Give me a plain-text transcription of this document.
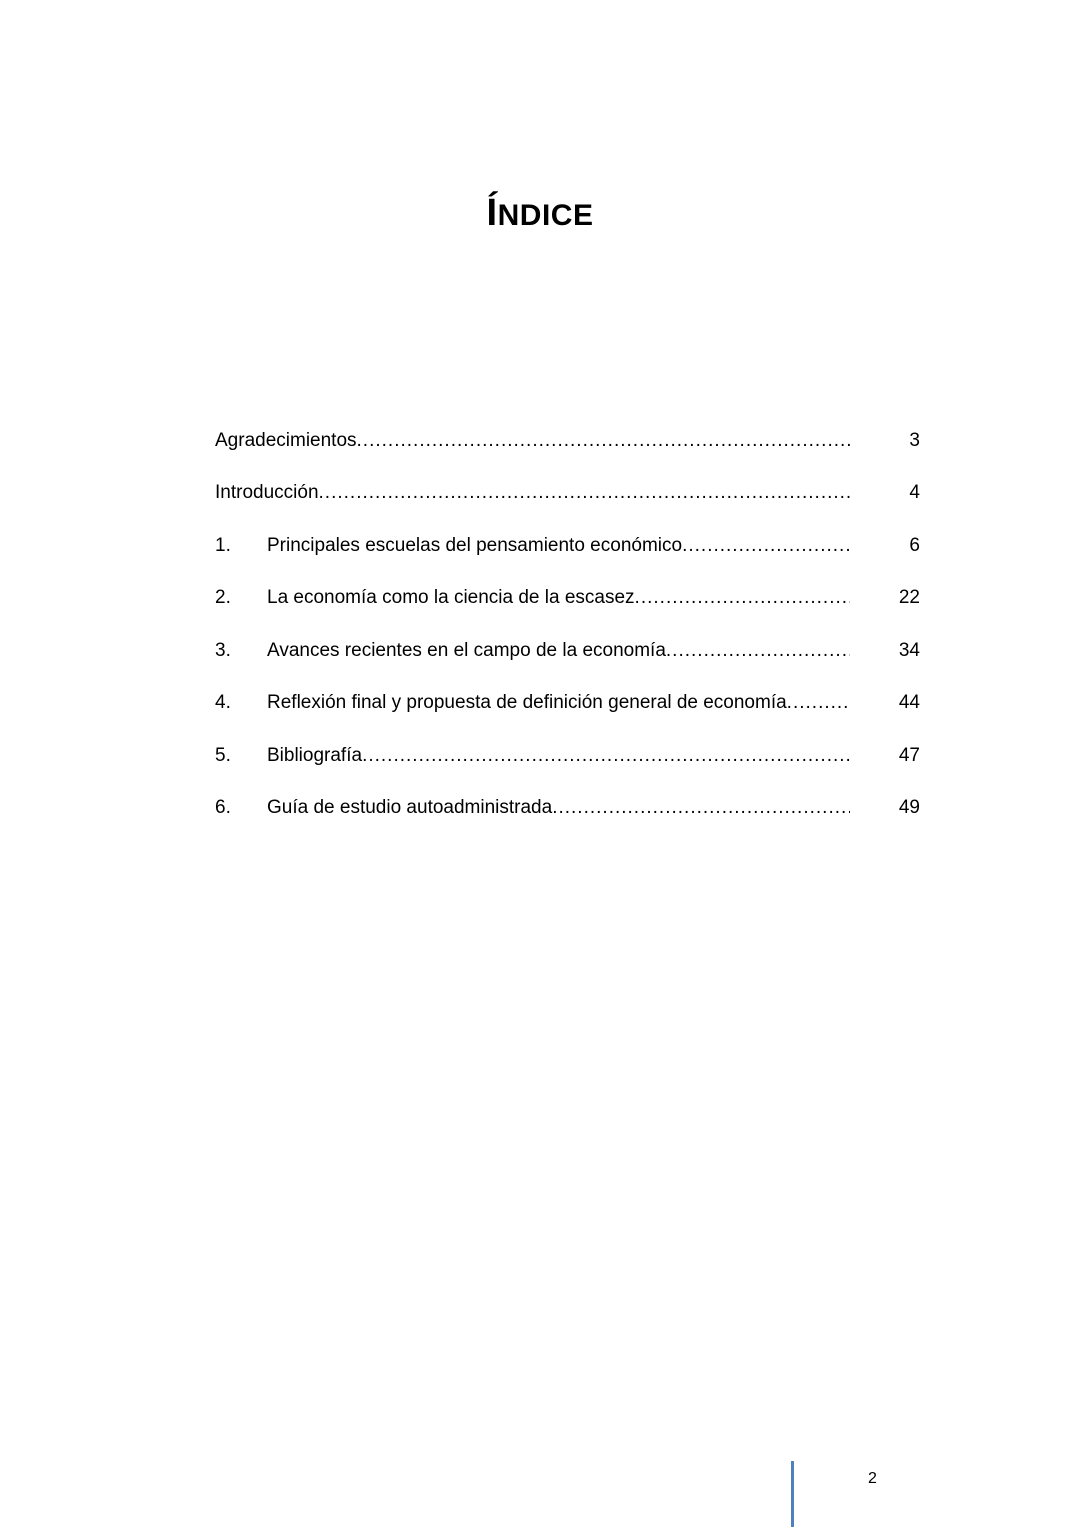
ÍNDICE
Agradecimientos .....	3
Introducción .....	4
1.	Principales escuelas del pensamiento económico .....	6
2.	La economía como la ciencia de la escasez .....	22
3.	Avances recientes en el campo de la economía .....	34
4.	Reflexión final y propuesta de definición general de economía .....	44
5.	Bibliografía .....	47
6.	Guía de estudio autoadministrada .....	49
2
